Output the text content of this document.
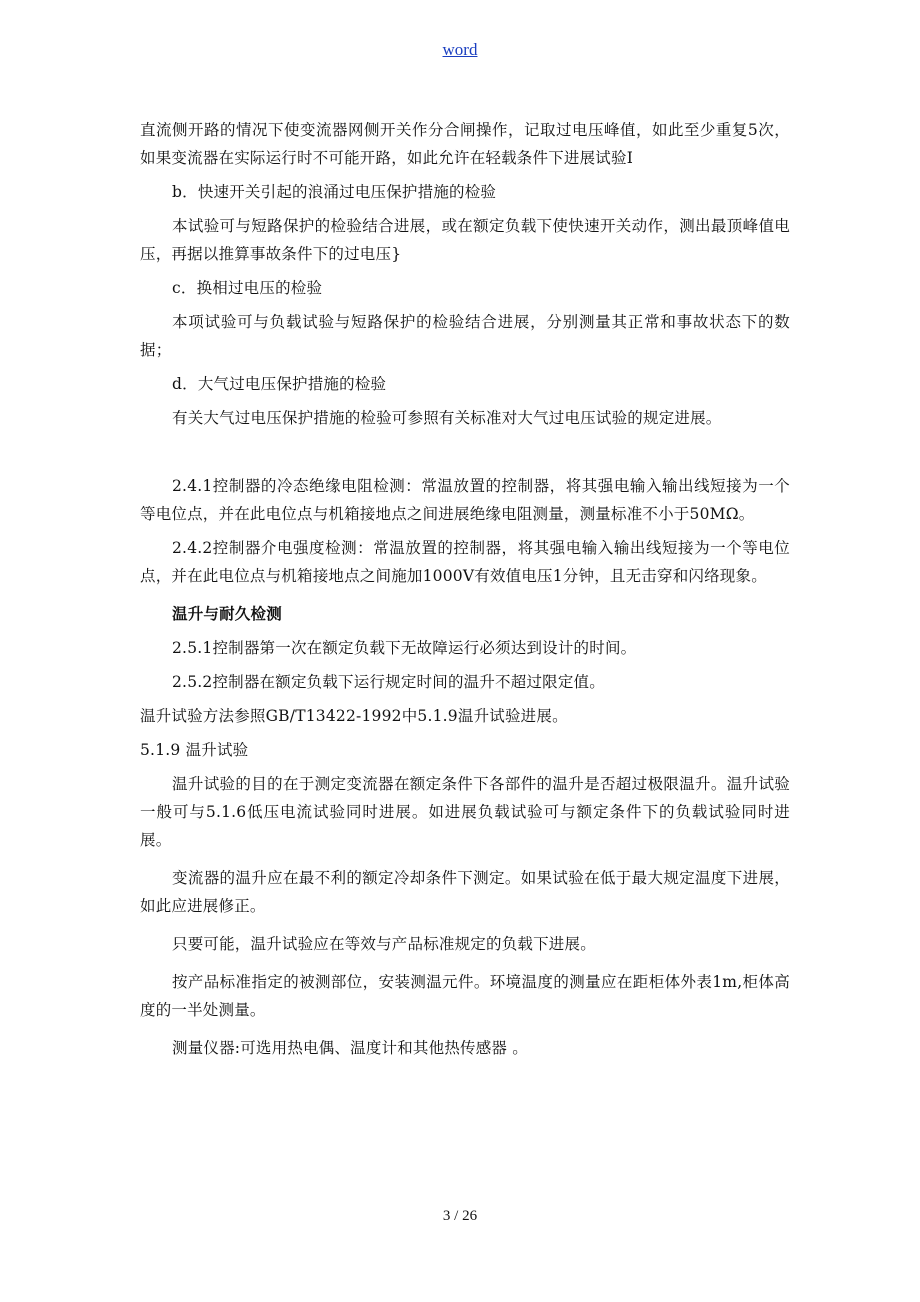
word

直流侧开路的情况下使变流器网侧开关作分合闸操作，记取过电压峰值，如此至少重复5次，如果变流器在实际运行时不可能开路，如此允许在轻载条件下进展试验I

b．快速开关引起的浪涌过电压保护措施的检验

本试验可与短路保护的检验结合进展，或在额定负载下使快速开关动作，测出最顶峰值电压，再据以推算事故条件下的过电压}

c．换相过电压的检验

本项试验可与负载试验与短路保护的检验结合进展，分别测量其正常和事故状态下的数据；

d．大气过电压保护措施的检验

有关大气过电压保护措施的检验可参照有关标准对大气过电压试验的规定进展。

2.4.1控制器的冷态绝缘电阻检测：常温放置的控制器，将其强电输入输出线短接为一个等电位点，并在此电位点与机箱接地点之间进展绝缘电阻测量，测量标准不小于50MΩ。

2.4.2控制器介电强度检测：常温放置的控制器，将其强电输入输出线短接为一个等电位点，并在此电位点与机箱接地点之间施加1000V有效值电压1分钟，且无击穿和闪络现象。

温升与耐久检测

2.5.1控制器第一次在额定负载下无故障运行必须达到设计的时间。

2.5.2控制器在额定负载下运行规定时间的温升不超过限定值。

温升试验方法参照GB/T13422-1992中5.1.9温升试验进展。

5.1.9 温升试验

温升试验的目的在于测定变流器在额定条件下各部件的温升是否超过极限温升。温升试验一般可与5.1.6低压电流试验同时进展。如进展负载试验可与额定条件下的负载试验同时进展。

变流器的温升应在最不利的额定冷却条件下测定。如果试验在低于最大规定温度下进展，如此应进展修正。

只要可能，温升试验应在等效与产品标准规定的负载下进展。

按产品标准指定的被测部位，安装测温元件。环境温度的测量应在距柜体外表1m,柜体高度的一半处测量。

测量仪器:可选用热电偶、温度计和其他热传感器 。

3 / 26
